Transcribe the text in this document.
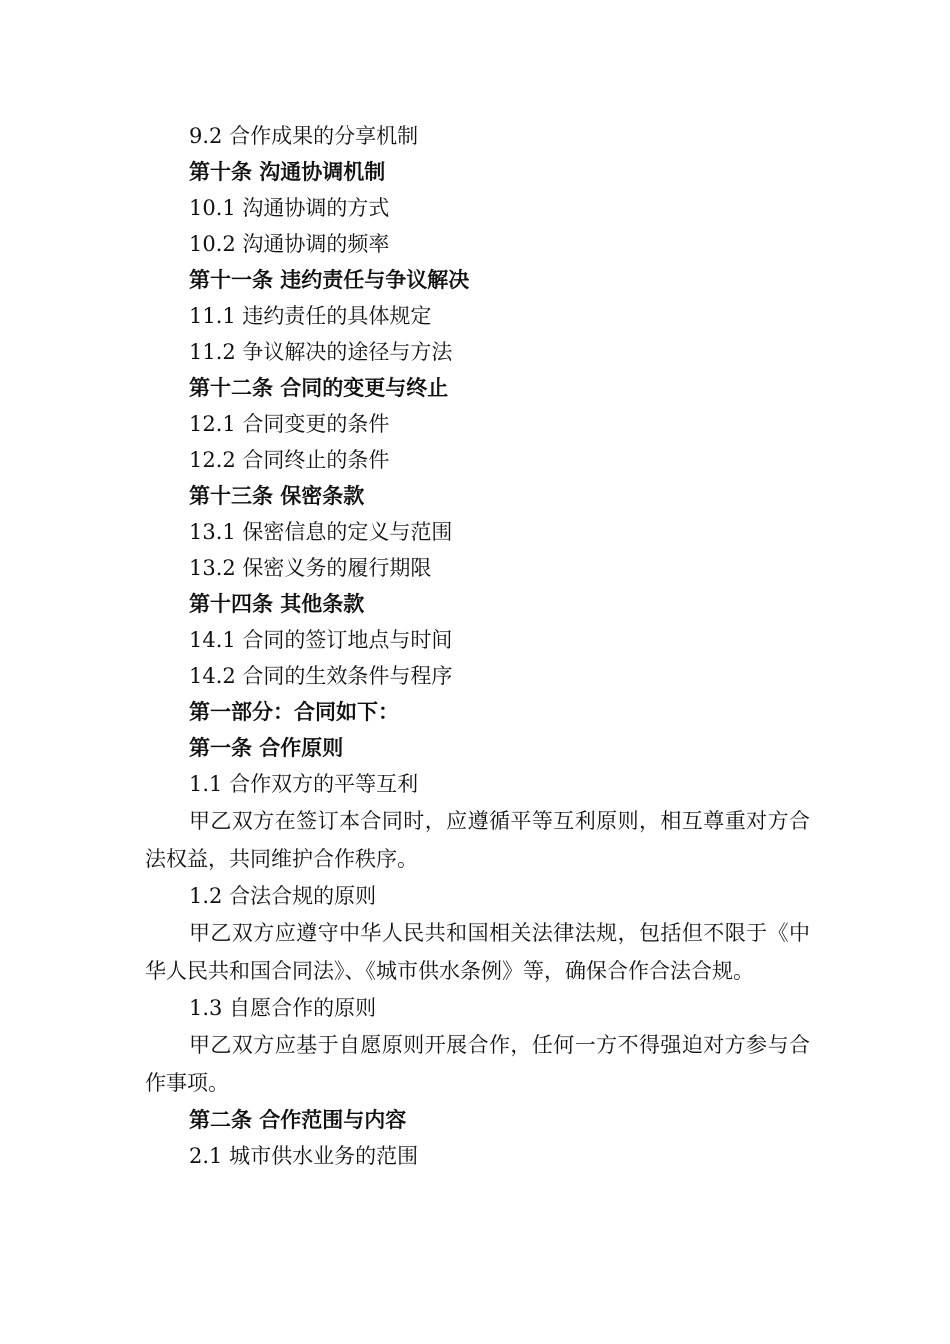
9.2 合作成果的分享机制
第十条 沟通协调机制
10.1 沟通协调的方式
10.2 沟通协调的频率
第十一条 违约责任与争议解决
11.1 违约责任的具体规定
11.2 争议解决的途径与方法
第十二条 合同的变更与终止
12.1 合同变更的条件
12.2 合同终止的条件
第十三条 保密条款
13.1 保密信息的定义与范围
13.2 保密义务的履行期限
第十四条 其他条款
14.1 合同的签订地点与时间
14.2 合同的生效条件与程序
第一部分：合同如下：
第一条 合作原则
1.1 合作双方的平等互利

甲乙双方在签订本合同时，应遵循平等互利原则，相互尊重对方合法权益，共同维护合作秩序。

1.2 合法合规的原则

甲乙双方应遵守中华人民共和国相关法律法规，包括但不限于《中华人民共和国合同法》、《城市供水条例》等，确保合作合法合规。

1.3 自愿合作的原则

甲乙双方应基于自愿原则开展合作，任何一方不得强迫对方参与合作事项。

第二条 合作范围与内容
2.1 城市供水业务的范围
